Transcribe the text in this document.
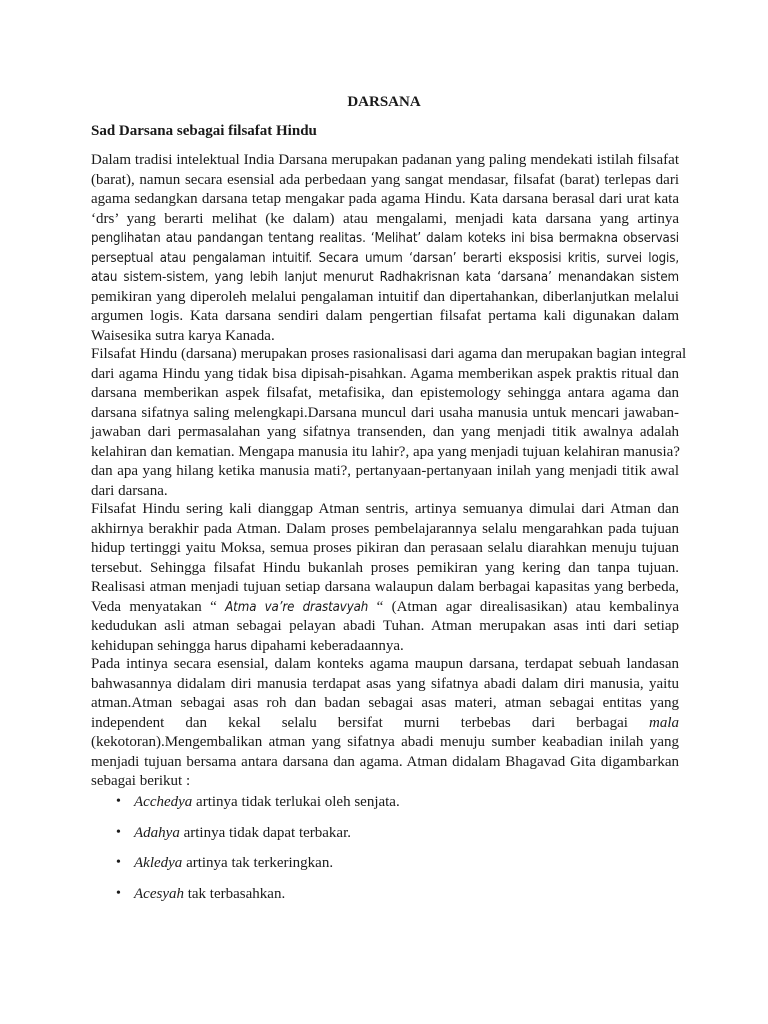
DARSANA
Sad Darsana sebagai filsafat Hindu

Dalam tradisi intelektual India Darsana merupakan padanan yang paling mendekati istilah filsafat
(barat), namun secara esensial ada perbedaan yang sangat mendasar, filsafat (barat) terlepas dari
agama sedangkan darsana tetap mengakar pada agama Hindu. Kata darsana berasal dari urat kata
‘drs’ yang berarti melihat (ke dalam) atau mengalami, menjadi kata darsana yang artinya
penglihatan atau pandangan tentang realitas. ‘Melihat’ dalam koteks ini bisa bermakna observasi
perseptual atau pengalaman intuitif. Secara umum ‘darsan’ berarti eksposisi kritis, survei logis,
atau sistem-sistem, yang lebih lanjut menurut Radhakrisnan kata ‘darsana’ menandakan sistem
pemikiran yang diperoleh melalui pengalaman intuitif dan dipertahankan, diberlanjutkan melalui
argumen logis. Kata darsana sendiri dalam pengertian filsafat pertama kali digunakan dalam
Waisesika sutra karya Kanada.

Filsafat Hindu (darsana) merupakan proses rasionalisasi dari agama dan merupakan bagian integral
dari agama Hindu yang tidak bisa dipisah-pisahkan. Agama memberikan aspek praktis ritual dan
darsana memberikan aspek filsafat, metafisika, dan epistemology sehingga antara agama dan
darsana sifatnya saling melengkapi.Darsana muncul dari usaha manusia untuk mencari jawaban-
jawaban dari permasalahan yang sifatnya transenden, dan yang menjadi titik awalnya adalah
kelahiran dan kematian. Mengapa manusia itu lahir?, apa yang menjadi tujuan kelahiran manusia?
dan apa yang hilang ketika manusia mati?, pertanyaan-pertanyaan inilah yang menjadi titik awal
dari darsana.

Filsafat Hindu sering kali dianggap Atman sentris, artinya semuanya dimulai dari Atman dan
akhirnya berakhir pada Atman. Dalam proses pembelajarannya selalu mengarahkan pada tujuan
hidup tertinggi yaitu Moksa, semua proses pikiran dan perasaan selalu diarahkan menuju tujuan
tersebut. Sehingga filsafat Hindu bukanlah proses pemikiran yang kering dan tanpa tujuan.
Realisasi atman menjadi tujuan setiap darsana walaupun dalam berbagai kapasitas yang berbeda,
Veda menyatakan “ Atma va’re drastavyah “ (Atman agar direalisasikan) atau kembalinya
kedudukan asli atman sebagai pelayan abadi Tuhan. Atman merupakan asas inti dari setiap
kehidupan sehingga harus dipahami keberadaannya.

Pada intinya secara esensial, dalam konteks agama maupun darsana, terdapat sebuah landasan
bahwasannya didalam diri manusia terdapat asas yang sifatnya abadi dalam diri manusia, yaitu
atman.Atman sebagai asas roh dan badan sebagai asas materi, atman sebagai entitas yang
independent    dan    kekal    selalu    bersifat    murni    terbebas    dari    berbagai mala
(kekotoran).Mengembalikan atman yang sifatnya abadi menuju sumber keabadian inilah yang
menjadi tujuan bersama antara darsana dan agama. Atman didalam Bhagavad Gita digambarkan
sebagai berikut :

• Acchedya artinya tidak terlukai oleh senjata.
• Adahya artinya tidak dapat terbakar.
• Akledya artinya tak terkeringkan.
• Acesyah tak terbasahkan.
